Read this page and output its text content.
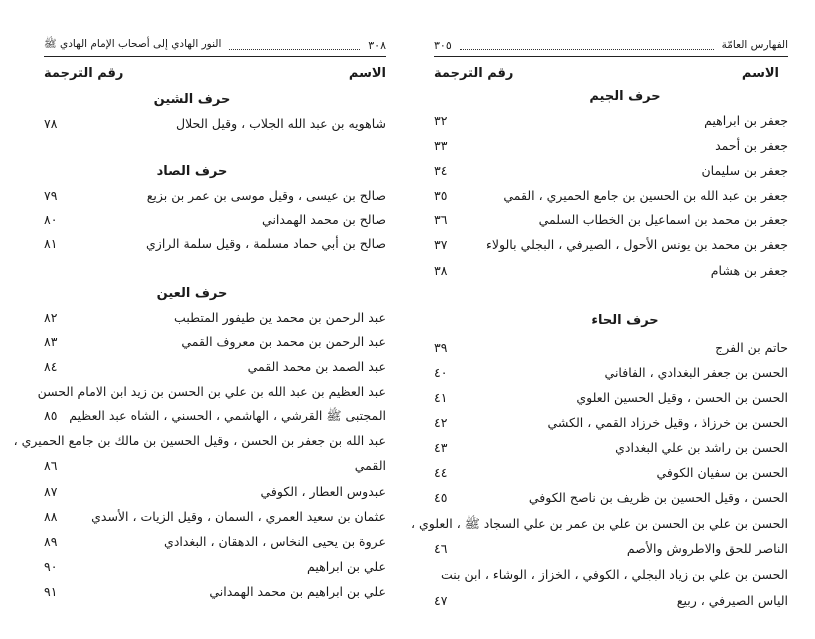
٣٠٨
النور الهادي إلى أصحاب الإمام الهادي ﷺ
الاسم
رقم الترجمة
حرف الشين
شاهويه بن عبد الله الجلاب ، وقيل الحلال
٧٨
حرف الصاد
صالح بن عيسى ، وقيل موسى بن عمر بن بزيع
٧٩
صالح بن محمد الهمداني
٨٠
صالح بن أبي حماد مسلمة ، وقيل سلمة الرازي
٨١
حرف العين
عبد الرحمن بن محمد ين طيفور المتطبب
٨٢
عبد الرحمن بن محمد بن معروف القمي
٨٣
عبد الصمد بن محمد القمي
٨٤
عبد العظيم بن عبد الله بن علي بن الحسن بن زيد ابن الامام الحسن
المجتبى ﷺ القرشي ، الهاشمي ، الحسني ، الشاه عبد العظيم
٨٥
عبد الله بن جعفر بن الحسن ، وقيل الحسين بن مالك بن جامع الحميري ،
القمي
٨٦
عبدوس العطار ، الكوفي
٨٧
عثمان بن سعيد العمري ، السمان ، وقيل الزيات ، الأسدي
٨٨
عروة بن يحيى النخاس ، الدهقان ، البغدادي
٨٩
علي بن ابراهيم
٩٠
علي بن ابراهيم بن محمد الهمداني
٩١
الفهارس العامّة
٣٠٥
الاسم
رقم الترجمة
حرف الجيم
جعفر بن ابراهيم
٣٢
جعفر بن أحمد
٣٣
جعفر بن سليمان
٣٤
جعفر بن عبد الله بن الحسين بن جامع الحميري ، القمي
٣٥
جعفر بن محمد بن اسماعيل بن الخطاب السلمي
٣٦
جعفر بن محمد بن يونس الأحول ، الصيرفي ، البجلي بالولاء
٣٧
جعفر بن هشام
٣٨
حرف الحاء
حاتم بن الفرج
٣٩
الحسن بن جعفر البغدادي ، الفافاني
٤٠
الحسن بن الحسن ، وقيل الحسين العلوي
٤١
الحسن بن خرزاذ ، وقيل خرزاد القمي ، الكشي
٤٢
الحسن بن راشد بن علي البغدادي
٤٣
الحسن بن سفيان الكوفي
٤٤
الحسن ، وقيل الحسين بن ظريف بن ناصح الكوفي
٤٥
الحسن بن علي بن الحسن بن علي بن عمر بن علي السجاد ﷺ ، العلوي ،
الناصر للحق والاطروش والأصم
٤٦
الحسن بن علي بن زياد البجلي ، الكوفي ، الخزاز ، الوشاء ، ابن بنت
الياس الصيرفي ، ربيع
٤٧
